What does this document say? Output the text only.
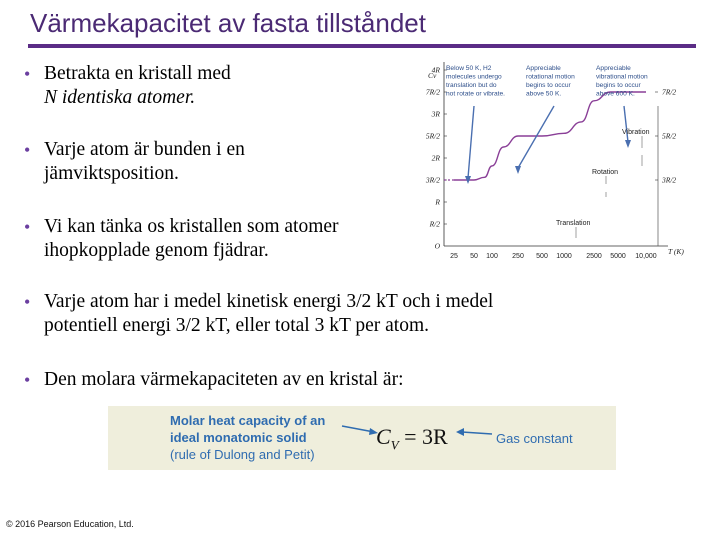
Värmekapacitet av fasta tillståndet
• Betrakta en kristall med
N identiska atomer.
• Varje atom är bunden i en
jämviktsposition.
• Vi kan tänka os kristallen som atomer
ihopkopplade genom fjädrar.
• Varje atom har i medel kinetisk energi 3/2 kT och i medel
potentiell energi 3/2 kT, eller total 3 kT per atom.
• Den molara värmekapaciteten av en kristal är:
Cv
T (K)
O
R/2
R
3R/2
2R
5R/2
3R
7R/2
4R
3R/2
5R/2
7R/2
25 50 100 250 500 1000 2500 5000 10,000
Below 50 K, H2
molecules undergo
translation but do
not rotate or vibrate.
Appreciable
rotational motion
begins to occur
above 50 K.
Appreciable
vibrational motion
begins to occur
above 600 K.
Vibration
Rotation
Translation
Molar heat capacity of an
ideal monatomic solid
(rule of Dulong and Petit)
$C_V = 3R$	Gas constant
© 2016 Pearson Education, Ltd.
